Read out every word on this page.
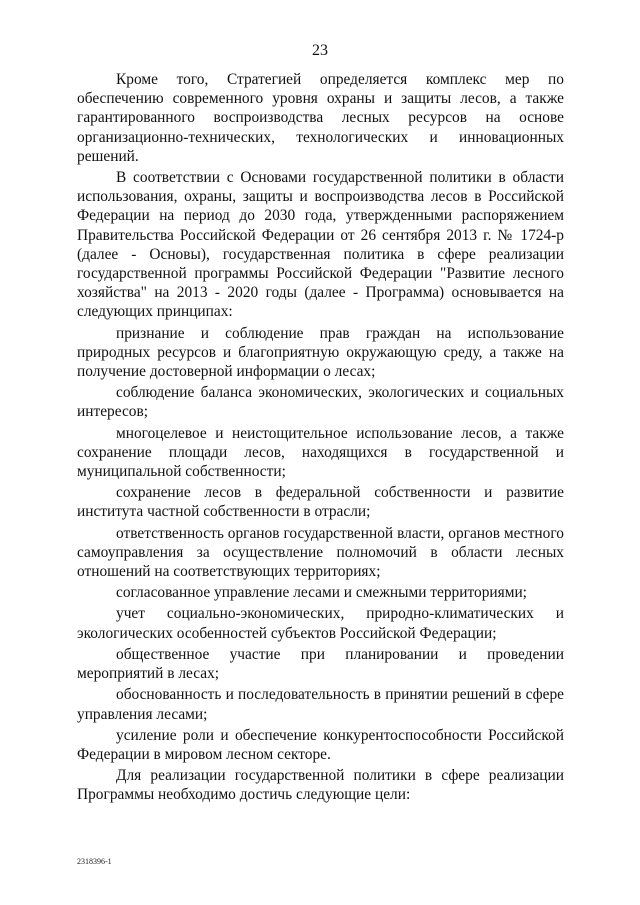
23

Кроме того, Стратегией определяется комплекс мер по обеспечению современного уровня охраны и защиты лесов, а также гарантированного воспроизводства лесных ресурсов на основе организационно-технических, технологических и инновационных решений.

В соответствии с Основами государственной политики в области использования, охраны, защиты и воспроизводства лесов в Российской Федерации на период до 2030 года, утвержденными распоряжением Правительства Российской Федерации от 26 сентября 2013 г. № 1724-р (далее - Основы), государственная политика в сфере реализации государственной программы Российской Федерации "Развитие лесного хозяйства" на 2013 - 2020 годы (далее - Программа) основывается на следующих принципах:

признание и соблюдение прав граждан на использование природных ресурсов и благоприятную окружающую среду, а также на получение достоверной информации о лесах;

соблюдение баланса экономических, экологических и социальных интересов;

многоцелевое и неистощительное использование лесов, а также сохранение площади лесов, находящихся в государственной и муниципальной собственности;

сохранение лесов в федеральной собственности и развитие института частной собственности в отрасли;

ответственность органов государственной власти, органов местного самоуправления за осуществление полномочий в области лесных отношений на соответствующих территориях;

согласованное управление лесами и смежными территориями;

учет социально-экономических, природно-климатических и экологических особенностей субъектов Российской Федерации;

общественное участие при планировании и проведении мероприятий в лесах;

обоснованность и последовательность в принятии решений в сфере управления лесами;

усиление роли и обеспечение конкурентоспособности Российской Федерации в мировом лесном секторе.

Для реализации государственной политики в сфере реализации Программы необходимо достичь следующие цели:

2318396-1
